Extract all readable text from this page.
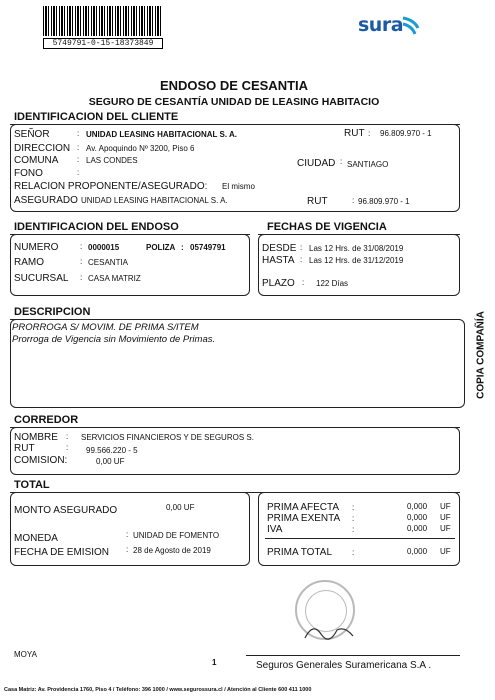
5749791-0-15-18373849
sura
ENDOSO DE CESANTIA
SEGURO DE CESANTÍA UNIDAD DE LEASING HABITACIO
IDENTIFICACION DEL CLIENTE
SEÑOR	: UNIDAD LEASING HABITACIONAL S. A.	RUT : 96.809.970 - 1
DIRECCION : Av. Apoquindo Nº 3200, Piso 6
COMUNA : LAS CONDES	CIUDAD : SANTIAGO
FONO	:
RELACION PROPONENTE/ASEGURADO: El mismo
ASEGURADO UNIDAD LEASING HABITACIONAL S. A.	RUT	: 96.809.970 - 1
IDENTIFICACION DEL ENDOSO
NUMERO	: 0000015	POLIZA : 05749791
RAMO	: CESANTIA
SUCURSAL : CASA MATRIZ
FECHAS DE VIGENCIA
DESDE : Las 12 Hrs. de 31/08/2019
HASTA : Las 12 Hrs. de 31/12/2019
PLAZO : 122 Días
DESCRIPCION
PRORROGA S/ MOVIM. DE PRIMA S/ITEM
Prorroga de Vigencia sin Movimiento de Primas.
CORREDOR
NOMBRE : SERVICIOS FINANCIEROS Y DE SEGUROS S.
RUT	: 99.566.220 - 5
COMISION:	0,00 UF
TOTAL
MONTO ASEGURADO	0,00 UF
MONEDA	: UNIDAD DE FOMENTO
FECHA DE EMISION : 28 de Agosto de 2019
PRIMA AFECTA :	0,000 UF
PRIMA EXENTA :	0,000 UF
IVA	:	0,000 UF
PRIMA TOTAL :	0,000 UF
COPIA COMPAÑÍA
MOYA
1	Seguros Generales Suramericana S.A .
Casa Matriz: Av. Providencia 1760, Piso 4 / Teléfono: 396 1000 / www.segurossura.cl / Atención al Cliente 600 411 1000
